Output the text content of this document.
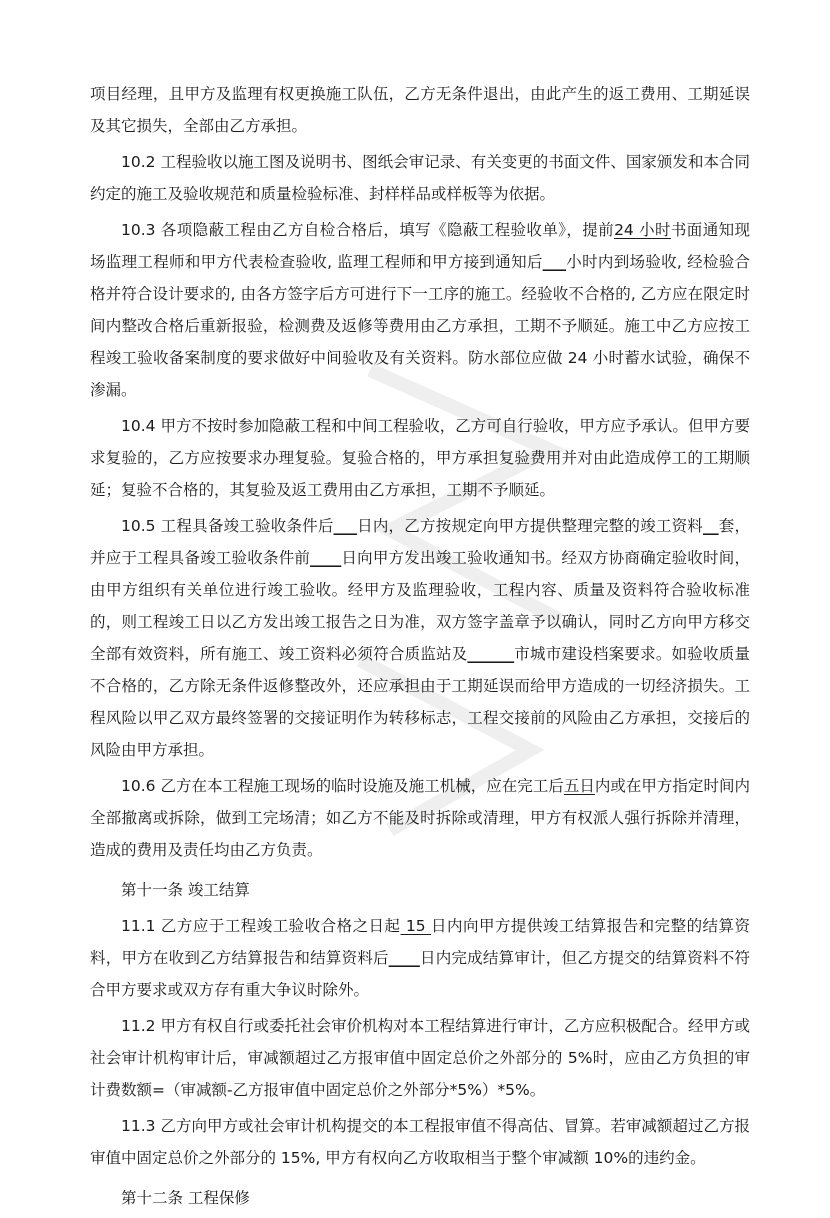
项目经理，且甲方及监理有权更换施工队伍，乙方无条件退出，由此产生的返工费用、工期延误及其它损失，全部由乙方承担。

10.2 工程验收以施工图及说明书、图纸会审记录、有关变更的书面文件、国家颁发和本合同约定的施工及验收规范和质量检验标准、封样样品或样板等为依据。

10.3 各项隐蔽工程由乙方自检合格后，填写《隐蔽工程验收单》，提前24 小时书面通知现场监理工程师和甲方代表检查验收, 监理工程师和甲方接到通知后___小时内到场验收, 经检验合格并符合设计要求的, 由各方签字后方可进行下一工序的施工。经验收不合格的, 乙方应在限定时间内整改合格后重新报验，检测费及返修等费用由乙方承担，工期不予顺延。施工中乙方应按工程竣工验收备案制度的要求做好中间验收及有关资料。防水部位应做 24 小时蓄水试验，确保不渗漏。

10.4 甲方不按时参加隐蔽工程和中间工程验收，乙方可自行验收，甲方应予承认。但甲方要求复验的，乙方应按要求办理复验。复验合格的，甲方承担复验费用并对由此造成停工的工期顺延；复验不合格的，其复验及返工费用由乙方承担，工期不予顺延。

10.5 工程具备竣工验收条件后___日内，乙方按规定向甲方提供整理完整的竣工资料__套，并应于工程具备竣工验收条件前____日向甲方发出竣工验收通知书。经双方协商确定验收时间，由甲方组织有关单位进行竣工验收。经甲方及监理验收，工程内容、质量及资料符合验收标准的，则工程竣工日以乙方发出竣工报告之日为准，双方签字盖章予以确认，同时乙方向甲方移交全部有效资料，所有施工、竣工资料必须符合质监站及______市城市建设档案要求。如验收质量不合格的，乙方除无条件返修整改外，还应承担由于工期延误而给甲方造成的一切经济损失。工程风险以甲乙双方最终签署的交接证明作为转移标志，工程交接前的风险由乙方承担，交接后的风险由甲方承担。

10.6 乙方在本工程施工现场的临时设施及施工机械，应在完工后五日内或在甲方指定时间内全部撤离或拆除，做到工完场清；如乙方不能及时拆除或清理，甲方有权派人强行拆除并清理，造成的费用及责任均由乙方负责。

第十一条 竣工结算

11.1 乙方应于工程竣工验收合格之日起 15 日内向甲方提供竣工结算报告和完整的结算资料，甲方在收到乙方结算报告和结算资料后____日内完成结算审计，但乙方提交的结算资料不符合甲方要求或双方存有重大争议时除外。

11.2 甲方有权自行或委托社会审价机构对本工程结算进行审计，乙方应积极配合。经甲方或社会审计机构审计后，审减额超过乙方报审值中固定总价之外部分的 5%时，应由乙方负担的审计费数额=（审减额-乙方报审值中固定总价之外部分*5%）*5%。

11.3 乙方向甲方或社会审计机构提交的本工程报审值不得高估、冒算。若审减额超过乙方报审值中固定总价之外部分的 15%, 甲方有权向乙方收取相当于整个审减额 10%的违约金。

第十二条 工程保修
